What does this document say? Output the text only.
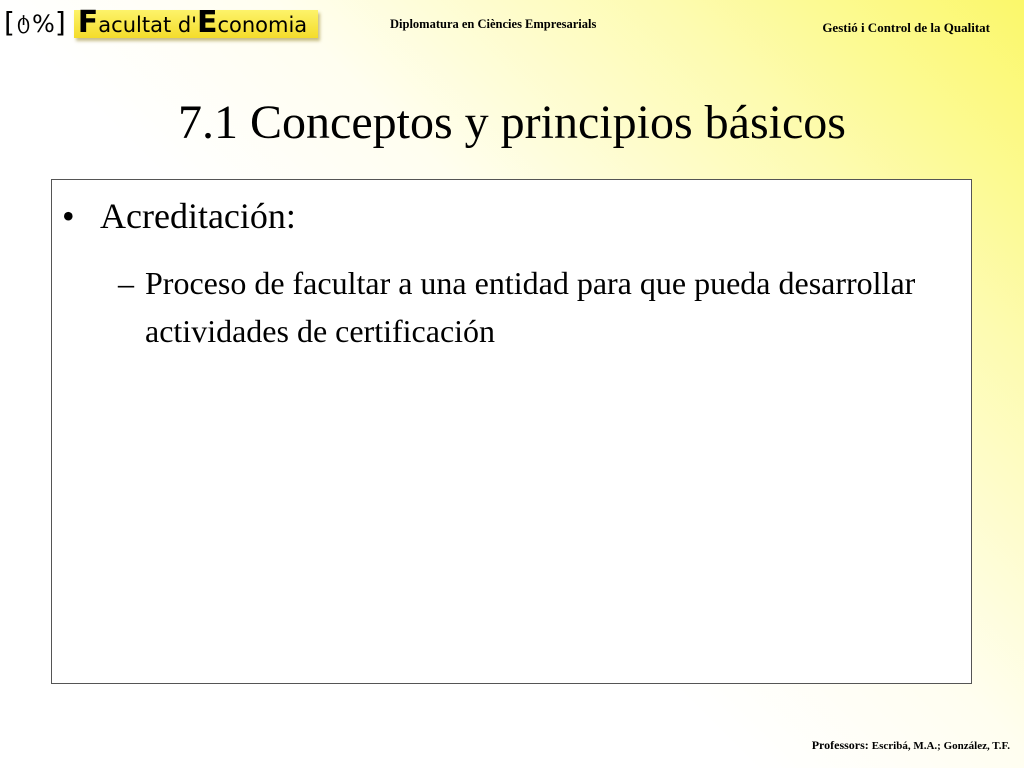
[ ტ%] Facultat d'Economia	Diplomatura en Ciències Empresarials	Gestió i Control de la Qualitat
7.1 Conceptos y principios básicos
• Acreditación:
– Proceso de facultar a una entidad para que pueda desarrollar actividades de certificación
Professors: Escribá, M.A.; González, T.F.
